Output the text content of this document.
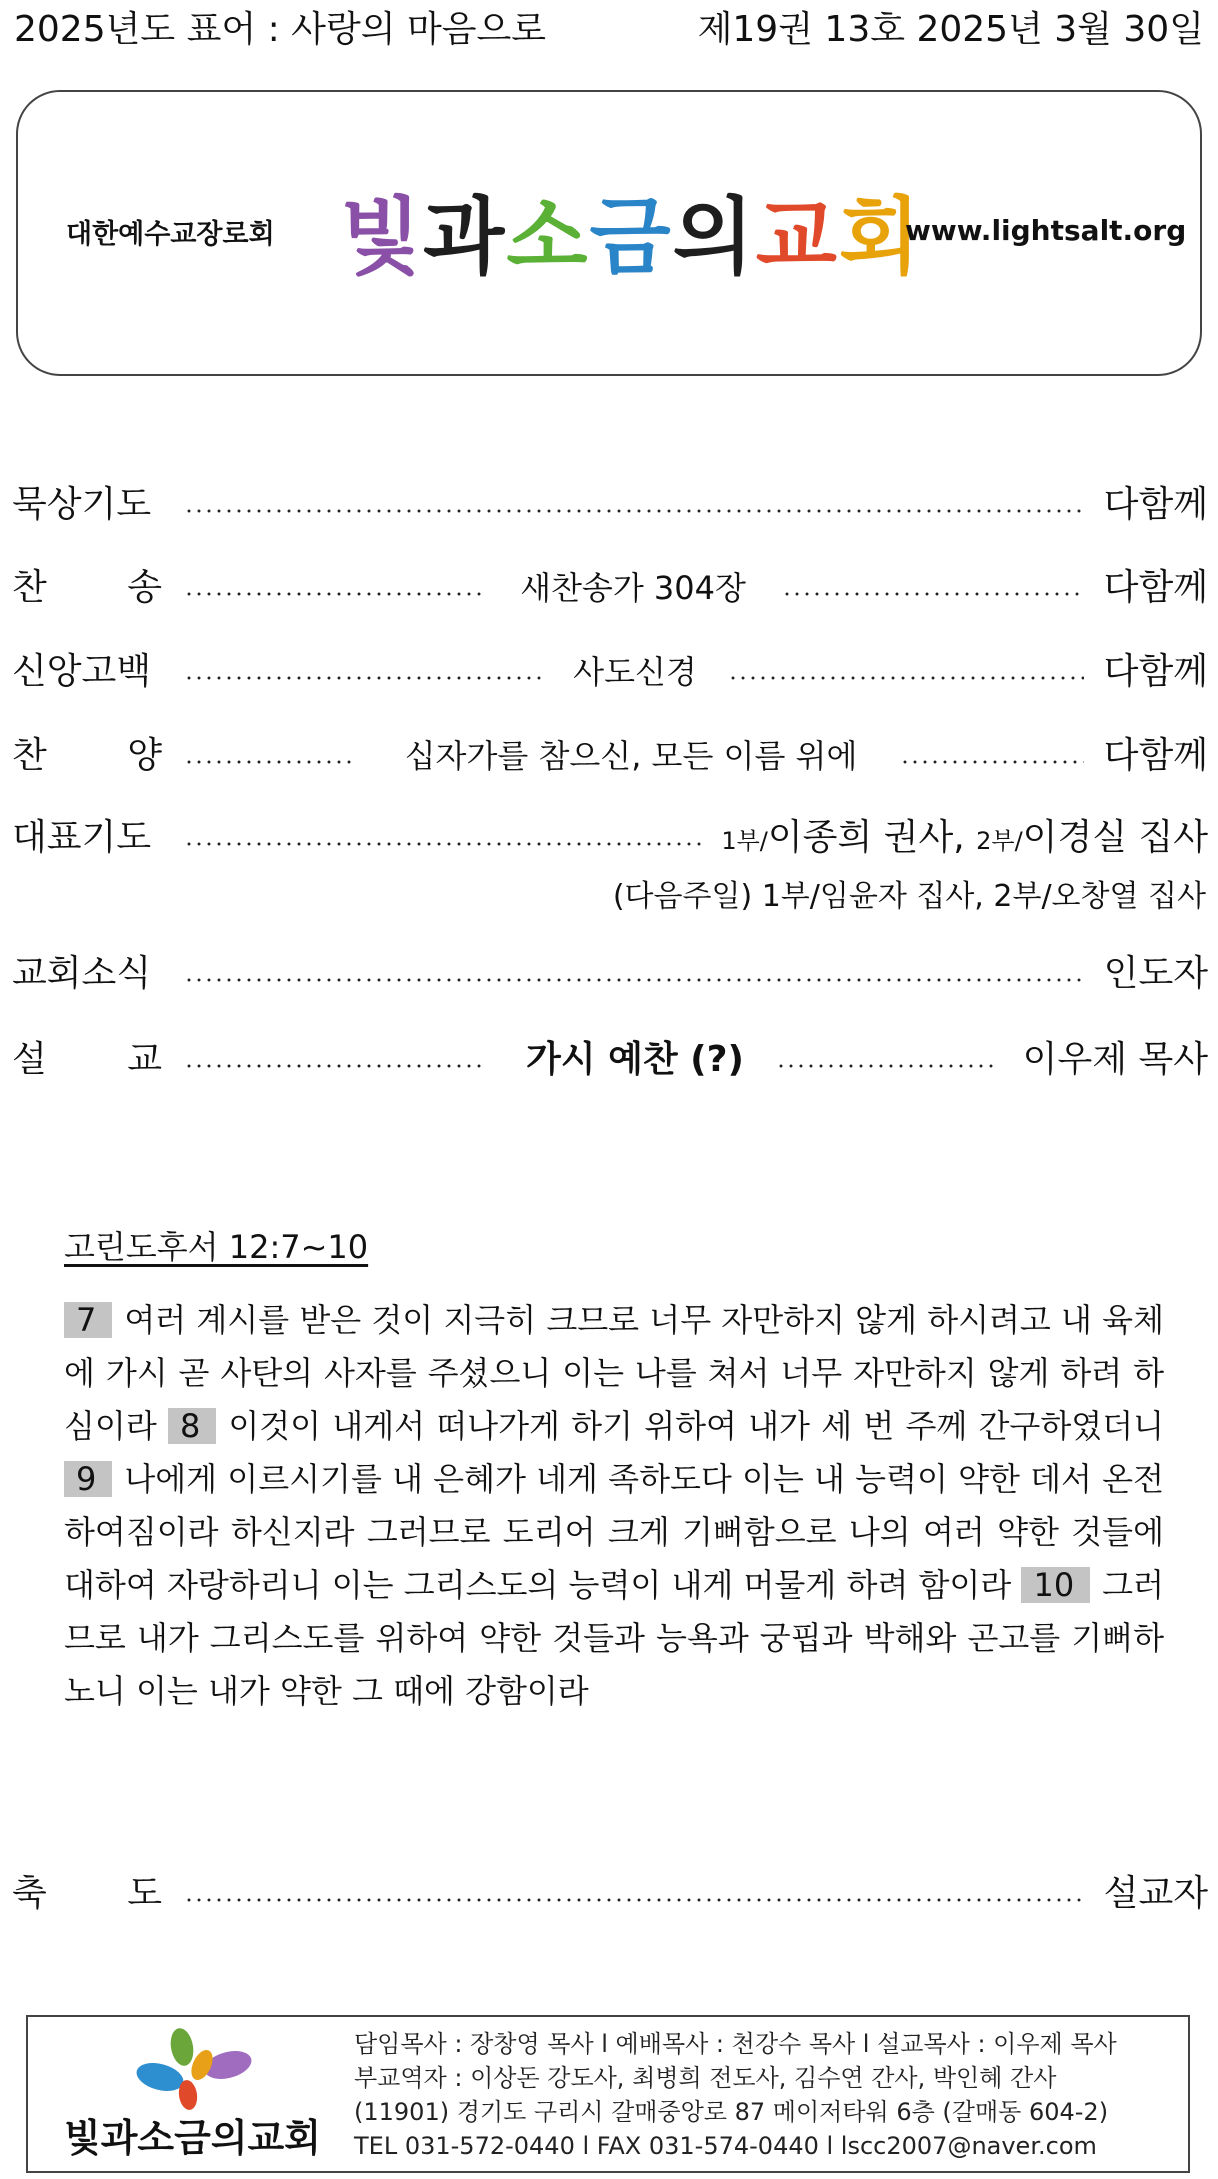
2025년도 표어 : 사랑의 마음으로	제19권 13호 2025년 3월 30일
대한예수교장로회 빛과소금의교회
www.lightsalt.org
묵상기도	다함께
찬 송	새찬송가 304장	다함께
신앙고백	사도신경	다함께
찬 양	십자가를 참으신, 모든 이름 위에	다함께
대표기도	1부/이종희 권사, 2부/이경실 집사
(다음주일) 1부/임윤자 집사, 2부/오창열 집사
교회소식	인도자
설 교	가시 예찬 (?)	이우제 목사
고린도후서 12:7~10
7 여러 계시를 받은 것이 지극히 크므로 너무 자만하지 않게 하시려고 내 육체에 가시 곧 사탄의 사자를 주셨으니 이는 나를 쳐서 너무 자만하지 않게 하려 하심이라 8 이것이 내게서 떠나가게 하기 위하여 내가 세 번 주께 간구하였더니 9 나에게 이르시기를 내 은혜가 네게 족하도다 이는 내 능력이 약한 데서 온전하여짐이라 하신지라 그러므로 도리어 크게 기뻐함으로 나의 여러 약한 것들에 대하여 자랑하리니 이는 그리스도의 능력이 내게 머물게 하려 함이라 10 그러므로 내가 그리스도를 위하여 약한 것들과 능욕과 궁핍과 박해와 곤고를 기뻐하노니 이는 내가 약한 그 때에 강함이라
축 도	설교자
빛과소금의교회
담임목사 : 장창영 목사 l 예배목사 : 천강수 목사 l 설교목사 : 이우제 목사
부교역자 : 이상돈 강도사, 최병희 전도사, 김수연 간사, 박인혜 간사
(11901) 경기도 구리시 갈매중앙로 87 메이저타워 6층 (갈매동 604-2)
TEL 031-572-0440 l FAX 031-574-0440 l lscc2007@naver.com
